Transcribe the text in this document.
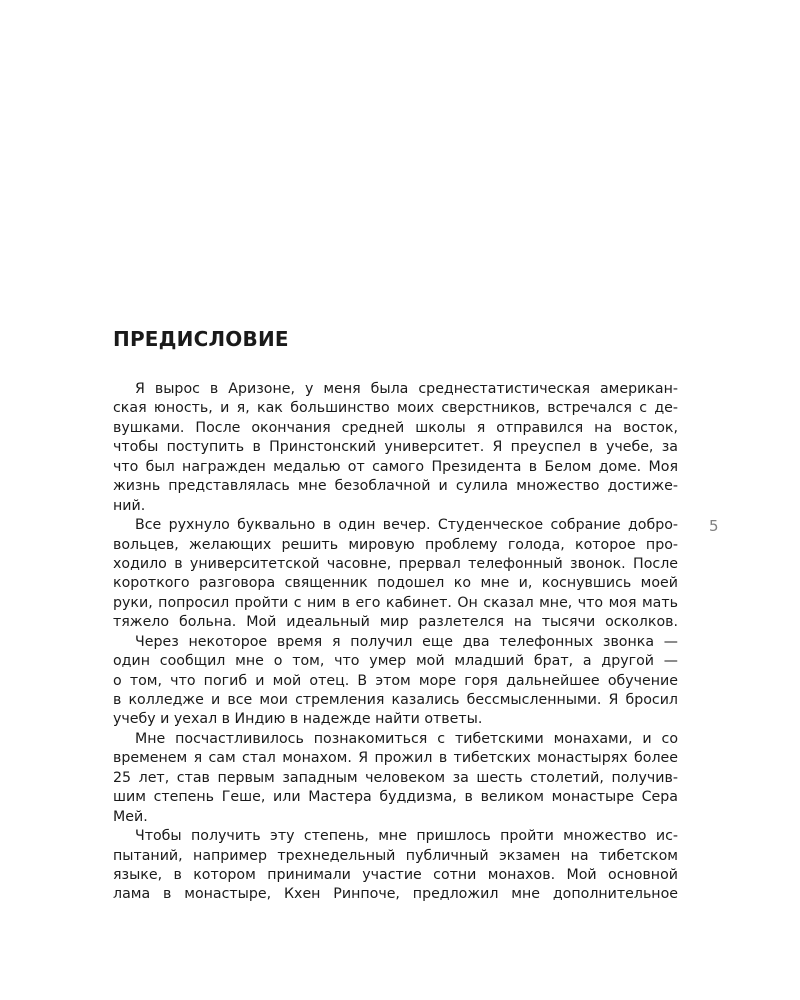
ПРЕДИСЛОВИЕ

Я вырос в Аризоне, у меня была среднестатистическая американ-
ская юность, и я, как большинство моих сверстников, встречался с де-
вушками. После окончания средней школы я отправился на восток,
чтобы поступить в Принстонский университет. Я преуспел в учебе, за
что был награжден медалью от самого Президента в Белом доме. Моя
жизнь представлялась мне безоблачной и сулила множество достиже-
ний.

Все рухнуло буквально в один вечер. Студенческое собрание добро-
вольцев, желающих решить мировую проблему голода, которое про-
ходило в университетской часовне, прервал телефонный звонок. После
короткого разговора священник подошел ко мне и, коснувшись моей
руки, попросил пройти с ним в его кабинет. Он сказал мне, что моя мать
тяжело больна. Мой идеальный мир разлетелся на тысячи осколков.

Через некоторое время я получил еще два телефонных звонка —
один сообщил мне о том, что умер мой младший брат, а другой —
о том, что погиб и мой отец. В этом море горя дальнейшее обучение
в колледже и все мои стремления казались бессмысленными. Я бросил
учебу и уехал в Индию в надежде найти ответы.

Мне посчастливилось познакомиться с тибетскими монахами, и со
временем я сам стал монахом. Я прожил в тибетских монастырях более
25 лет, став первым западным человеком за шесть столетий, получив-
шим степень Геше, или Мастера буддизма, в великом монастыре Сера
Мей.

Чтобы получить эту степень, мне пришлось пройти множество ис-
пытаний, например трехнедельный публичный экзамен на тибетском
языке, в котором принимали участие сотни монахов. Мой основной
лама в монастыре, Кхен Ринпоче, предложил мне дополнительное

5
